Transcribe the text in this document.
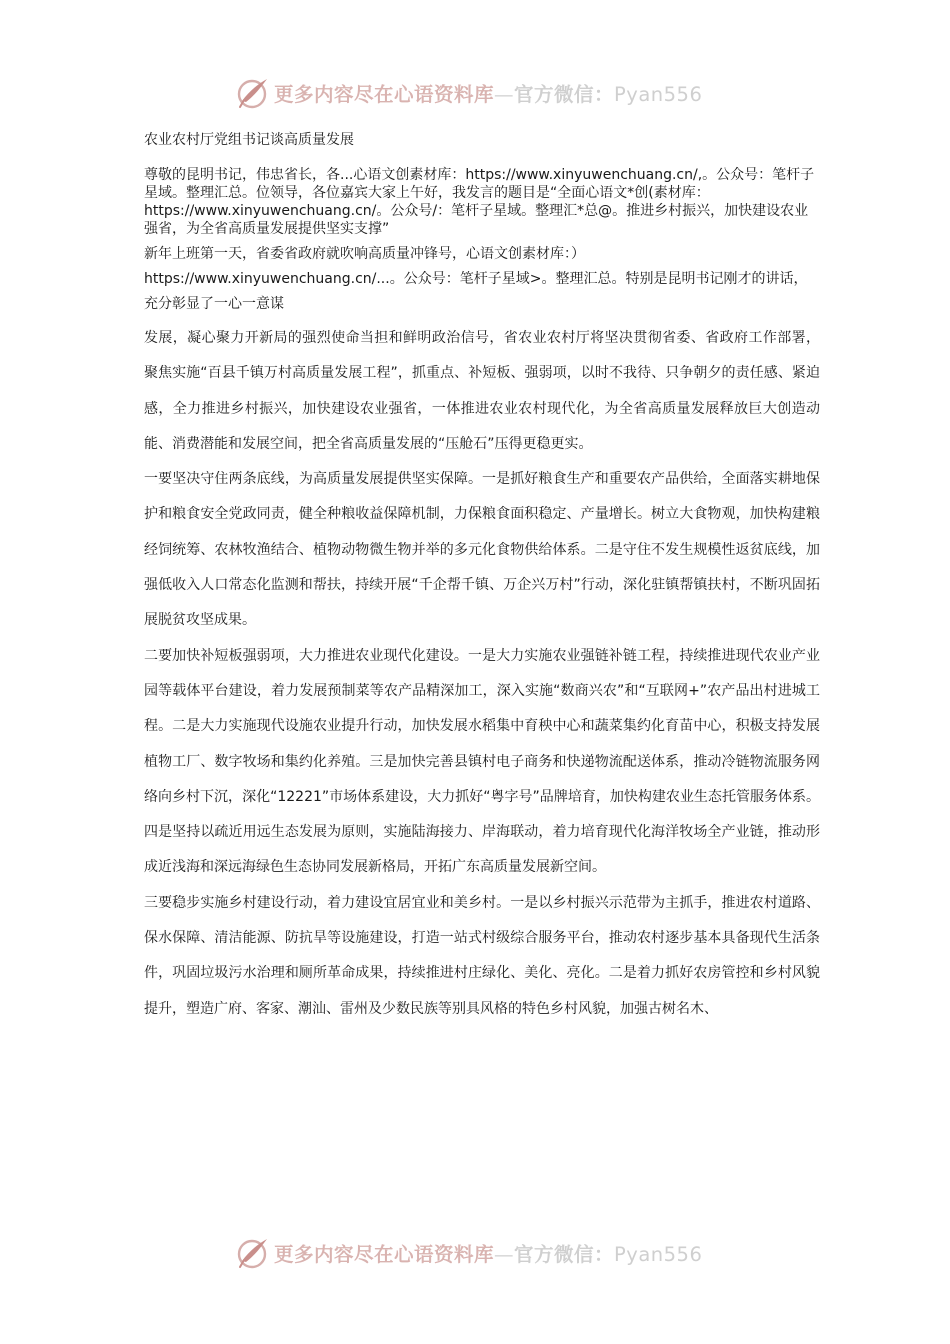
更多内容尽在心语资料库—官方微信：Pyan556
农业农村厅党组书记谈高质量发展

尊敬的昆明书记，伟忠省长，各...心语文创素材库：https://www.xinyuwenchuang.cn/,。公众号：笔杆子星域。整理汇总。位领导，各位嘉宾大家上午好，我发言的题目是“全面心语文*创(素材库：https://www.xinyuwenchuang.cn/。公众号/：笔杆子星域。整理汇*总@。推进乡村振兴，加快建设农业强省，为全省高质量发展提供坚实支撑”

新年上班第一天，省委省政府就吹响高质量冲锋号，心语文创素材库：）https://www.xinyuwenchuang.cn/...。公众号：笔杆子星域>。整理汇总。特别是昆明书记刚才的讲话，充分彰显了一心一意谋

发展，凝心聚力开新局的强烈使命当担和鲜明政治信号，省农业农村厅将坚决贯彻省委、省政府工作部署， 聚焦实施“百县千镇万村高质量发展工程”，抓重点、补短板、强弱项，以时不我待、只争朝夕的责任感、紧迫感，全力推进乡村振兴，加快建设农业强省，一体推进农业农村现代化，为全省高质量发展释放巨大创造动能、消费潜能和发展空间，把全省高质量发展的“压舱石”压得更稳更实。

一要坚决守住两条底线，为高质量发展提供坚实保障。一是抓好粮食生产和重要农产品供给，全面落实耕地保护和粮食安全党政同责，健全种粮收益保障机制，力保粮食面积稳定、产量增长。树立大食物观，加快构建粮经饲统筹、农林牧渔结合、植物动物微生物并举的多元化食物供给体系。二是守住不发生规模性返贫底线，加强低收入人口常态化监测和帮扶，持续开展“千企帮千镇、万企兴万村”行动，深化驻镇帮镇扶村，不断巩固拓展脱贫攻坚成果。

二要加快补短板强弱项，大力推进农业现代化建设。一是大力实施农业强链补链工程，持续推进现代农业产业园等载体平台建设，着力发展预制菜等农产品精深加工，深入实施“数商兴农”和“互联网+”农产品出村进城工程。二是大力实施现代设施农业提升行动，加快发展水稻集中育秧中心和蔬菜集约化育苗中心，积极支持发展植物工厂、数字牧场和集约化养殖。三是加快完善县镇村电子商务和快递物流配送体系，推动冷链物流服务网络向乡村下沉，深化“12221”市场体系建设，大力抓好“粤字号”品牌培育，加快构建农业生态托管服务体系。四是坚持以疏近用远生态发展为原则，实施陆海接力、岸海联动，着力培育现代化海洋牧场全产业链，推动形成近浅海和深远海绿色生态协同发展新格局，开拓广东高质量发展新空间。

三要稳步实施乡村建设行动，着力建设宜居宜业和美乡村。一是以乡村振兴示范带为主抓手，推进农村道路、保水保障、清洁能源、防抗旱等设施建设，打造一站式村级综合服务平台，推动农村逐步基本具备现代生活条件，巩固垃圾污水治理和厕所革命成果，持续推进村庄绿化、美化、亮化。二是着力抓好农房管控和乡村风貌提升，塑造广府、客家、潮汕、雷州及少数民族等别具风格的特色乡村风貌，加强古树名木、

更多内容尽在心语资料库—官方微信：Pyan556
